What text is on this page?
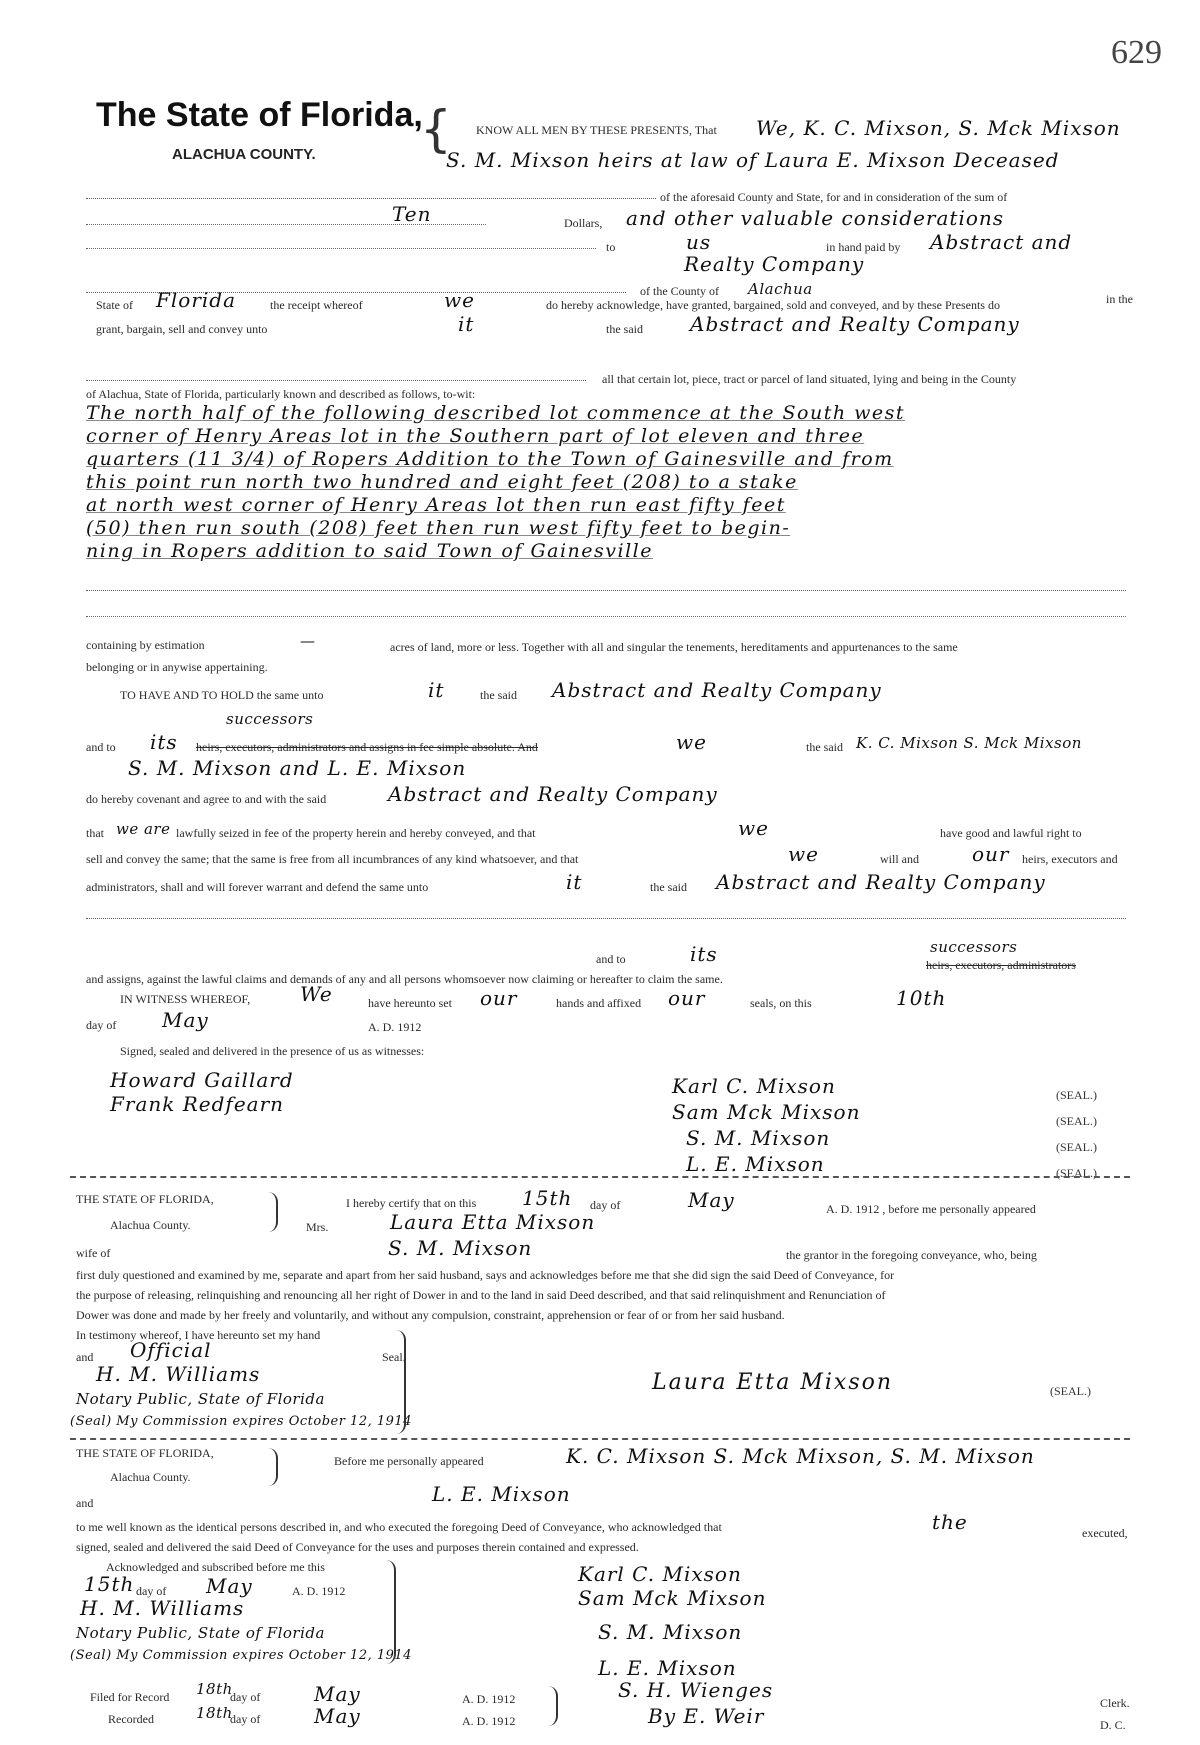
629
The State of Florida,
ALACHUA COUNTY. { KNOW ALL MEN BY THESE PRESENTS, That We, K. C. Mixson, S. Mck Mixson
S. M. Mixson heirs at law of Laura E. Mixson Deceased
of the aforesaid County and State, for and in consideration of the sum of
Ten	Dollars, and other valuable considerations
to	us	in hand paid by Abstract and
Realty Company
of the County of Alachua
in the
State of Florida	the receipt whereof	we	do hereby acknowledge, have granted, bargained, sold and conveyed, and by these Presents do
grant, bargain, sell and convey unto	it	the said Abstract and Realty Company
all that certain lot, piece, tract or parcel of land situated, lying and being in the County
of Alachua, State of Florida, particularly known and described as follows, to-wit:
The north half of the following described lot commence at the South west
corner of Henry Areas lot in the Southern part of lot eleven and three
quarters (11 3/4) of Ropers Addition to the Town of Gainesville and from
this point run north two hundred and eight feet (208) to a stake
at north west corner of Henry Areas lot then run east fifty feet
(50) then run south (208) feet then run west fifty feet to begin-
ning in Ropers addition to said Town of Gainesville
containing by estimation	—	acres of land, more or less. Together with all and singular the tenements, hereditaments and appurtenances to the same
belonging or in anywise appertaining.
TO HAVE AND TO HOLD the same unto	it	the said Abstract and Realty Company
successors
and to its heirs, executors, administrators and assigns in fee simple absolute. And	we	the said K. C. Mixson S. Mck Mixson
S. M. Mixson and L. E. Mixson
do hereby covenant and agree to and with the said	Abstract and Realty Company
that we are lawfully seized in fee of the property herein and hereby conveyed, and that	we	have good and lawful right to
sell and convey the same; that the same is free from all incumbrances of any kind whatsoever, and that	we	will and	our heirs, executors and
administrators, shall and will forever warrant and defend the same unto	it	the said Abstract and Realty Company
and to	its	successors
heirs, executors, administrators
and assigns, against the lawful claims and demands of any and all persons whomsoever now claiming or hereafter to claim the same.
IN WITNESS WHEREOF, We	have hereunto set our	hands and affixed our	seals, on this	10th
day of May	A. D. 1912
Signed, sealed and delivered in the presence of us as witnesses:
Howard Gaillard
Frank Redfearn
Karl C. Mixson	(SEAL.)
Sam Mck Mixson	(SEAL.)
S. M. Mixson	(SEAL.)
L. E. Mixson	(SEAL.)
THE STATE OF FLORIDA,
Alachua County.
I hereby certify that on this 15th day of	May	A. D. 1912 , before me personally appeared
Mrs.	Laura Etta Mixson
wife of	S. M. Mixson	the grantor in the foregoing conveyance, who, being
first duly questioned and examined by me, separate and apart from her said husband, says and acknowledges before me that she did sign the said Deed of Conveyance, for
the purpose of releasing, relinquishing and renouncing all her right of Dower in and to the land in said Deed described, and that said relinquishment and Renunciation of
Dower was done and made by her freely and voluntarily, and without any compulsion, constraint, apprehension or fear of or from her said husband.
In testimony whereof, I have hereunto set my hand
and Official	Seal.
H. M. Williams
Notary Public, State of Florida
(Seal) My Commission expires October 12, 1914
Laura Etta Mixson	(SEAL.)
THE STATE OF FLORIDA,
Alachua County.
Before me personally appeared	K. C. Mixson S. Mck Mixson, S. M. Mixson
and	L. E. Mixson
to me well known as the identical persons described in, and who executed the foregoing Deed of Conveyance, who acknowledged that	the	executed,
signed, sealed and delivered the said Deed of Conveyance for the uses and purposes therein contained and expressed.
Acknowledged and subscribed before me this
15th day of May	A. D. 1912
H. M. Williams
Notary Public, State of Florida
(Seal) My Commission expires October 12, 1914
Karl C. Mixson
Sam Mck Mixson
S. M. Mixson
L. E. Mixson
Filed for Record 18th
day of	May	A. D. 1912
Recorded	18th
day of	May	A. D. 1912
S. H. Wienges
Clerk.
By E. Weir	D. C.
